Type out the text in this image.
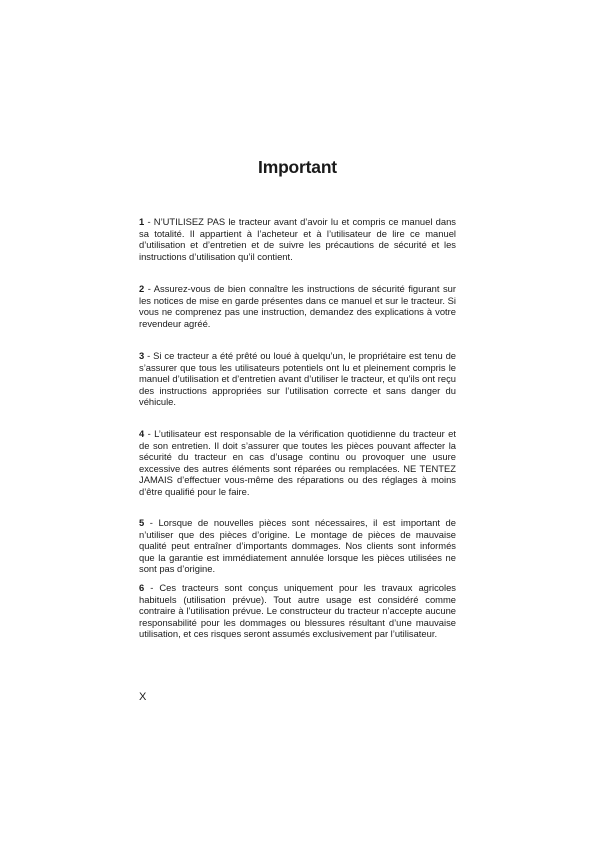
Important

1 - N’UTILISEZ PAS le tracteur avant d’avoir lu et compris ce manuel dans sa totalité. Il appartient à l’acheteur et à l’utilisateur de lire ce manuel d’utilisation et d’entretien et de suivre les précautions de sécurité et les instructions d’utilisation qu’il contient.

2 - Assurez-vous de bien connaître les instructions de sécurité figurant sur les notices de mise en garde présentes dans ce manuel et sur le tracteur. Si vous ne comprenez pas une instruction, demandez des explications à votre revendeur agréé.

3 - Si ce tracteur a été prêté ou loué à quelqu’un, le propriétaire est tenu de s’assurer que tous les utilisateurs potentiels ont lu et pleinement compris le manuel d’utilisation et d’entretien avant d’utiliser le tracteur, et qu’ils ont reçu des instructions appropriées sur l’utilisation correcte et sans danger du véhicule.

4 - L’utilisateur est responsable de la vérification quotidienne du tracteur et de son entretien. Il doit s’assurer que toutes les pièces pouvant affecter la sécurité du tracteur en cas d’usage continu ou provoquer une usure excessive des autres éléments sont réparées ou remplacées. NE TENTEZ JAMAIS d’effectuer vous-même des réparations ou des réglages à moins d’être qualifié pour le faire.

5 - Lorsque de nouvelles pièces sont nécessaires, il est important de n’utiliser que des pièces d’origine. Le montage de pièces de mauvaise qualité peut entraîner d’importants dommages. Nos clients sont informés que la garantie est immédiatement annulée lorsque les pièces utilisées ne sont pas d’origine.

6 - Ces tracteurs sont conçus uniquement pour les travaux agricoles habituels (utilisation prévue). Tout autre usage est considéré comme contraire à l’utilisation prévue. Le constructeur du tracteur n’accepte aucune responsabilité pour les dommages ou blessures résultant d’une mauvaise utilisation, et ces risques seront assumés exclusivement par l’utilisateur.

X
